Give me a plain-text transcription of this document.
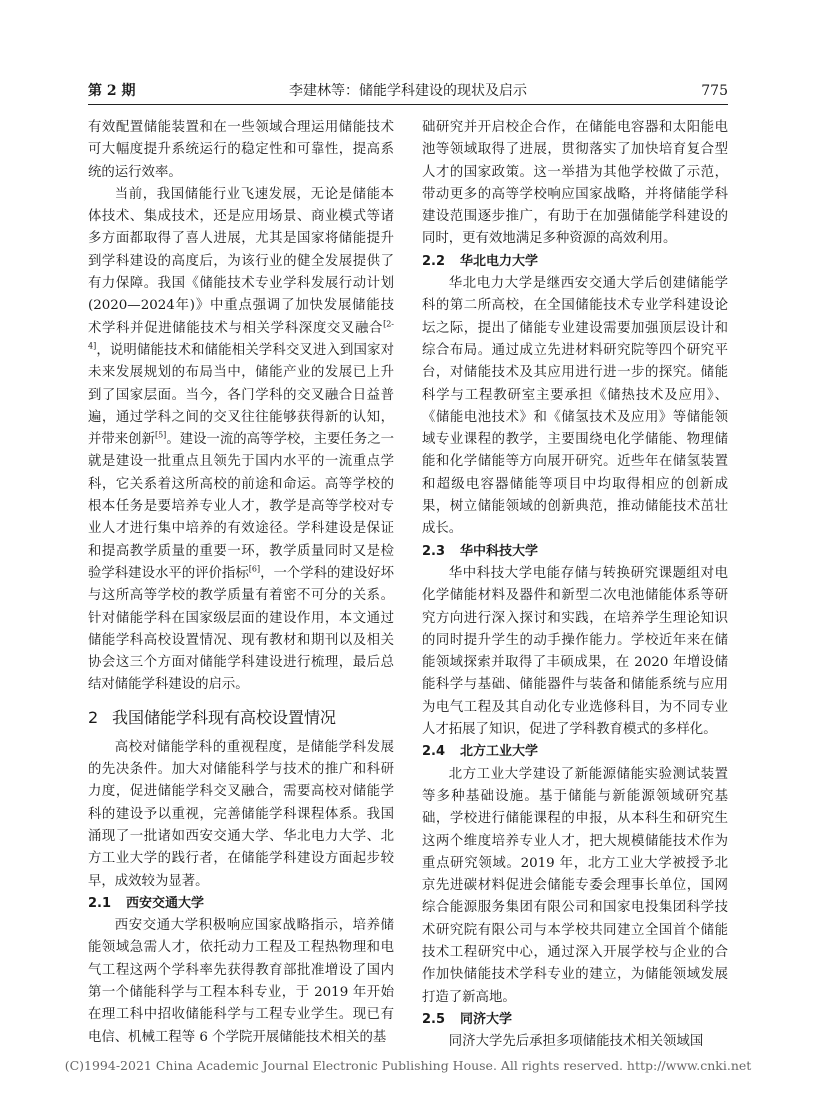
第 2 期	李建林等：储能学科建设的现状及启示	775

有效配置储能装置和在一些领域合理运用储能技术可大幅度提升系统运行的稳定性和可靠性，提高系统的运行效率。

当前，我国储能行业飞速发展，无论是储能本体技术、集成技术，还是应用场景、商业模式等诸多方面都取得了喜人进展，尤其是国家将储能提升到学科建设的高度后，为该行业的健全发展提供了有力保障。我国《储能技术专业学科发展行动计划(2020—2024年)》中重点强调了加快发展储能技术学科并促进储能技术与相关学科深度交叉融合[2-4]，说明储能技术和储能相关学科交叉进入到国家对未来发展规划的布局当中，储能产业的发展已上升到了国家层面。当今，各门学科的交叉融合日益普遍，通过学科之间的交叉往往能够获得新的认知，并带来创新[5]。建设一流的高等学校，主要任务之一就是建设一批重点且领先于国内水平的一流重点学科，它关系着这所高校的前途和命运。高等学校的根本任务是要培养专业人才，教学是高等学校对专业人才进行集中培养的有效途径。学科建设是保证和提高教学质量的重要一环，教学质量同时又是检验学科建设水平的评价指标[6]，一个学科的建设好坏与这所高等学校的教学质量有着密不可分的关系。针对储能学科在国家级层面的建设作用，本文通过储能学科高校设置情况、现有教材和期刊以及相关协会这三个方面对储能学科建设进行梳理，最后总结对储能学科建设的启示。

2 我国储能学科现有高校设置情况

高校对储能学科的重视程度，是储能学科发展的先决条件。加大对储能科学与技术的推广和科研力度，促进储能学科交叉融合，需要高校对储能学科的建设予以重视，完善储能学科课程体系。我国涌现了一批诸如西安交通大学、华北电力大学、北方工业大学的践行者，在储能学科建设方面起步较早，成效较为显著。

2.1 西安交通大学

西安交通大学积极响应国家战略指示，培养储能领域急需人才，依托动力工程及工程热物理和电气工程这两个学科率先获得教育部批准增设了国内第一个储能科学与工程本科专业，于 2019 年开始在理工科中招收储能科学与工程专业学生。现已有电信、机械工程等 6 个学院开展储能技术相关的基

础研究并开启校企合作，在储能电容器和太阳能电池等领域取得了进展，贯彻落实了加快培育复合型人才的国家政策。这一举措为其他学校做了示范，带动更多的高等学校响应国家战略，并将储能学科建设范围逐步推广，有助于在加强储能学科建设的同时，更有效地满足多种资源的高效利用。

2.2 华北电力大学

华北电力大学是继西安交通大学后创建储能学科的第二所高校，在全国储能技术专业学科建设论坛之际，提出了储能专业建设需要加强顶层设计和综合布局。通过成立先进材料研究院等四个研究平台，对储能技术及其应用进行进一步的探究。储能科学与工程教研室主要承担《储热技术及应用》、《储能电池技术》和《储氢技术及应用》等储能领域专业课程的教学，主要围绕电化学储能、物理储能和化学储能等方向展开研究。近些年在储氢装置和超级电容器储能等项目中均取得相应的创新成果，树立储能领域的创新典范，推动储能技术茁壮成长。

2.3 华中科技大学

华中科技大学电能存储与转换研究课题组对电化学储能材料及器件和新型二次电池储能体系等研究方向进行深入探讨和实践，在培养学生理论知识的同时提升学生的动手操作能力。学校近年来在储能领域探索并取得了丰硕成果，在 2020 年增设储能科学与基础、储能器件与装备和储能系统与应用为电气工程及其自动化专业选修科目，为不同专业人才拓展了知识，促进了学科教育模式的多样化。

2.4 北方工业大学

北方工业大学建设了新能源储能实验测试装置等多种基础设施。基于储能与新能源领域研究基础，学校进行储能课程的申报，从本科生和研究生这两个维度培养专业人才，把大规模储能技术作为重点研究领域。2019 年，北方工业大学被授予北京先进碳材料促进会储能专委会理事长单位，国网综合能源服务集团有限公司和国家电投集团科学技术研究院有限公司与本学校共同建立全国首个储能技术工程研究中心，通过深入开展学校与企业的合作加快储能技术学科专业的建立，为储能领域发展打造了新高地。

2.5 同济大学

同济大学先后承担多项储能技术相关领域国

(C)1994-2021 China Academic Journal Electronic Publishing House. All rights reserved. http://www.cnki.net
